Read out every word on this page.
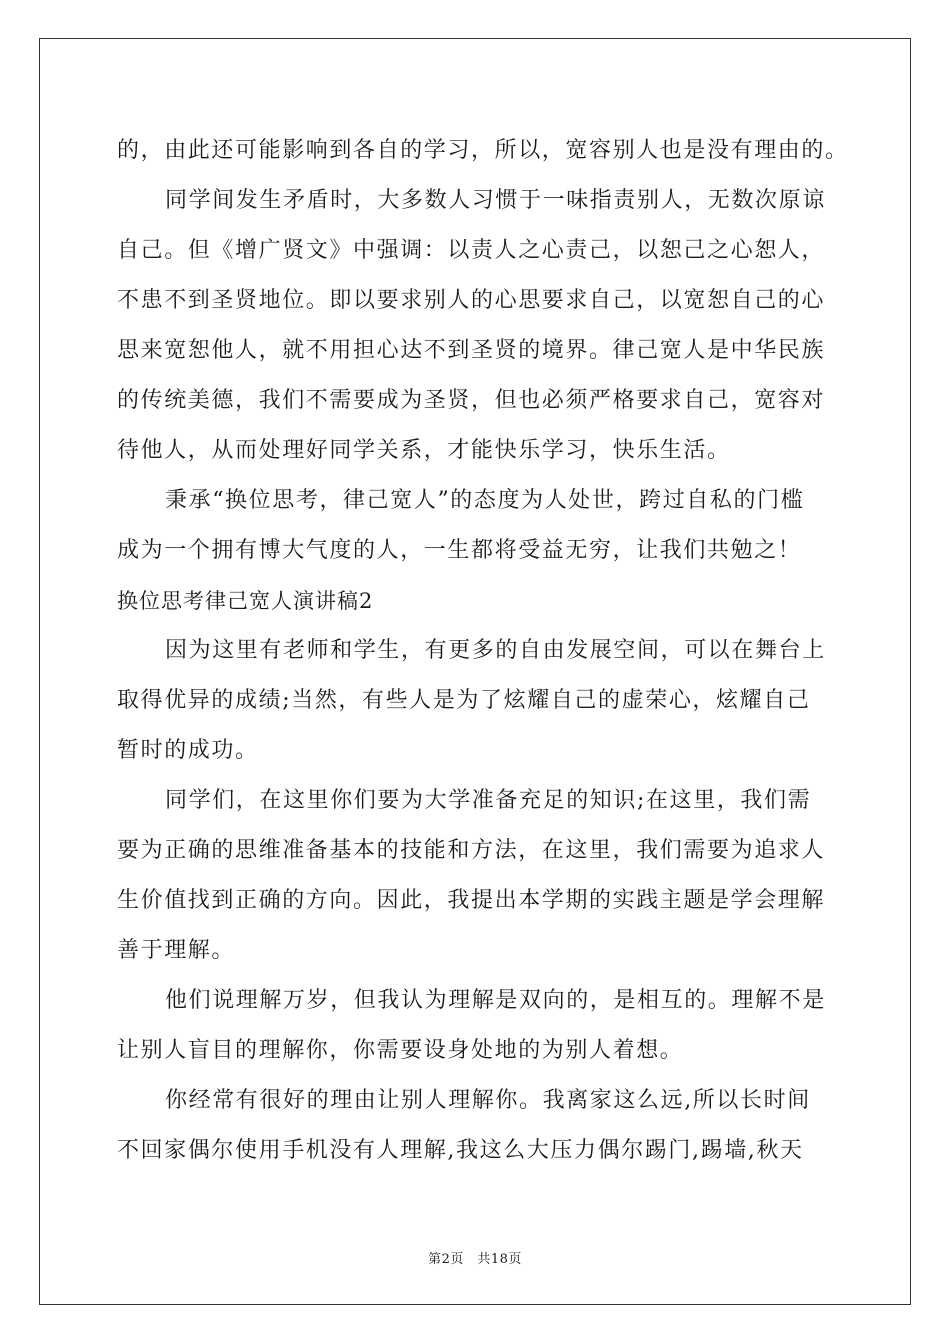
的，由此还可能影响到各自的学习，所以，宽容别人也是没有理由的。
同学间发生矛盾时，大多数人习惯于一味指责别人，无数次原谅
自己。但《增广贤文》中强调：以责人之心责己，以恕己之心恕人，
不患不到圣贤地位。即以要求别人的心思要求自己，以宽恕自己的心
思来宽恕他人，就不用担心达不到圣贤的境界。律己宽人是中华民族
的传统美德，我们不需要成为圣贤，但也必须严格要求自己，宽容对
待他人，从而处理好同学关系，才能快乐学习，快乐生活。
秉承“换位思考，律己宽人”的态度为人处世，跨过自私的门槛
成为一个拥有博大气度的人，一生都将受益无穷，让我们共勉之！
换位思考律己宽人演讲稿2
因为这里有老师和学生，有更多的自由发展空间，可以在舞台上
取得优异的成绩;当然，有些人是为了炫耀自己的虚荣心，炫耀自己
暂时的成功。
同学们，在这里你们要为大学准备充足的知识;在这里，我们需
要为正确的思维准备基本的技能和方法，在这里，我们需要为追求人
生价值找到正确的方向。因此，我提出本学期的实践主题是学会理解
善于理解。
他们说理解万岁，但我认为理解是双向的，是相互的。理解不是
让别人盲目的理解你，你需要设身处地的为别人着想。
你经常有很好的理由让别人理解你。我离家这么远,所以长时间
不回家偶尔使用手机没有人理解,我这么大压力偶尔踢门,踢墙,秋天
第2页　共18页
